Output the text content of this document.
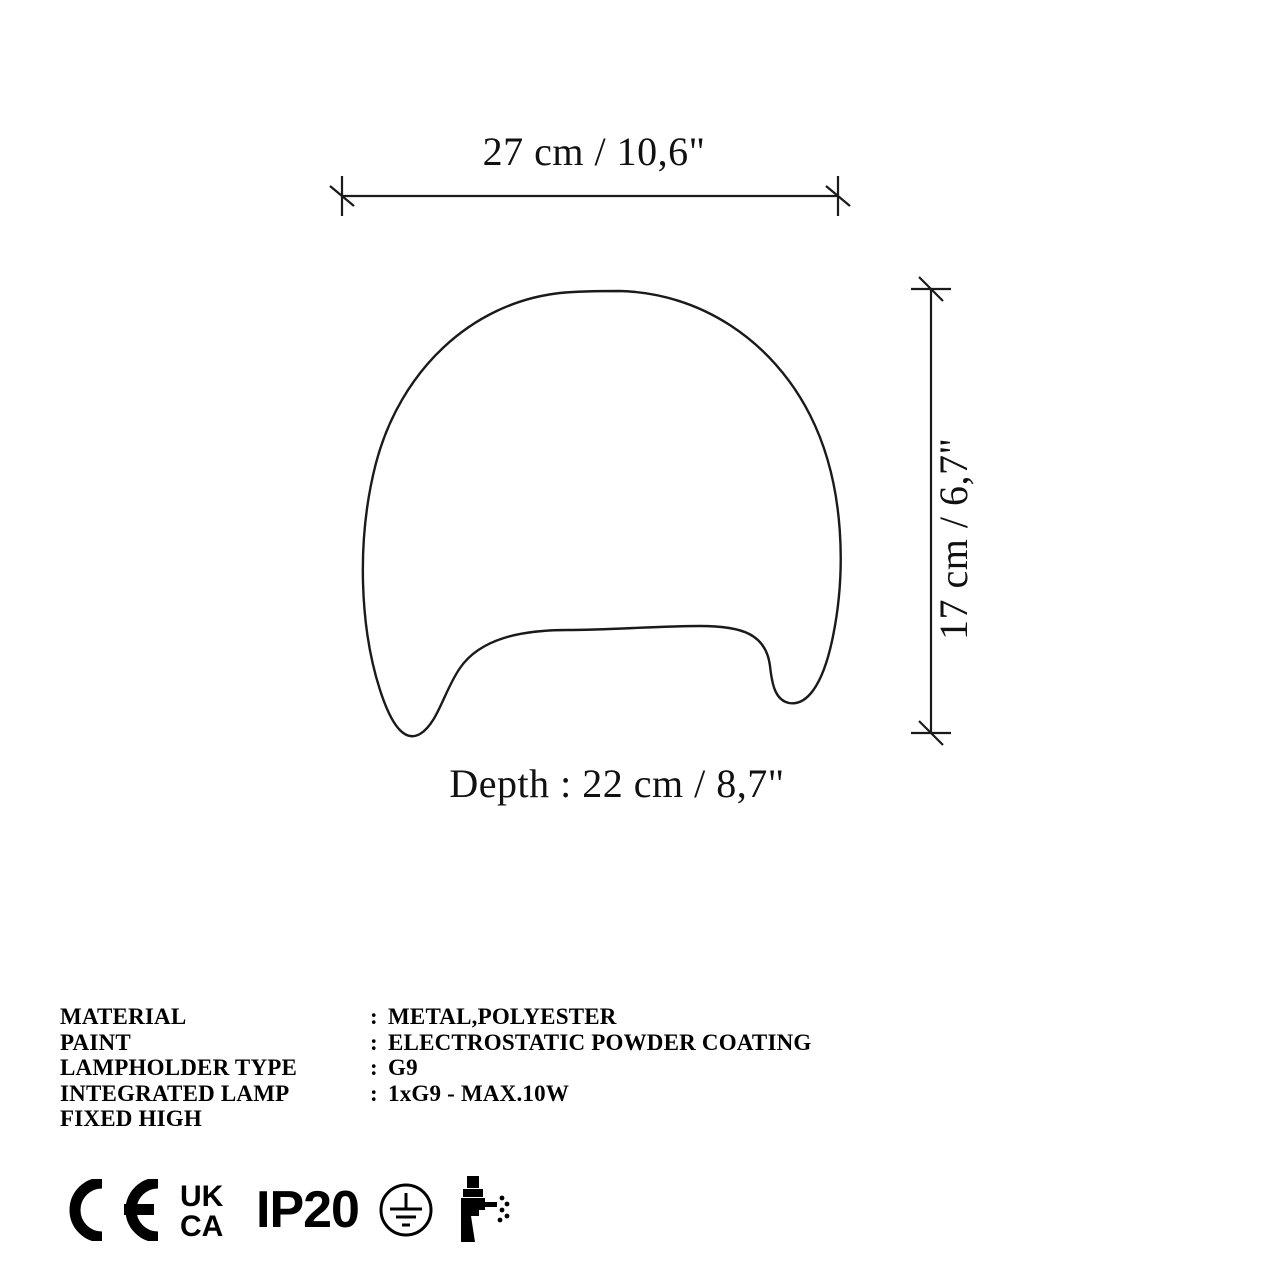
27 cm / 10,6"
17 cm / 6,7"
Depth : 22 cm / 8,7"
MATERIAL	:	METAL,POLYESTER
PAINT	:	ELECTROSTATIC POWDER COATING
LAMPHOLDER TYPE	:	G9
INTEGRATED LAMP	:	1xG9 - MAX.10W
FIXED HIGH		
UK
CA IP20
